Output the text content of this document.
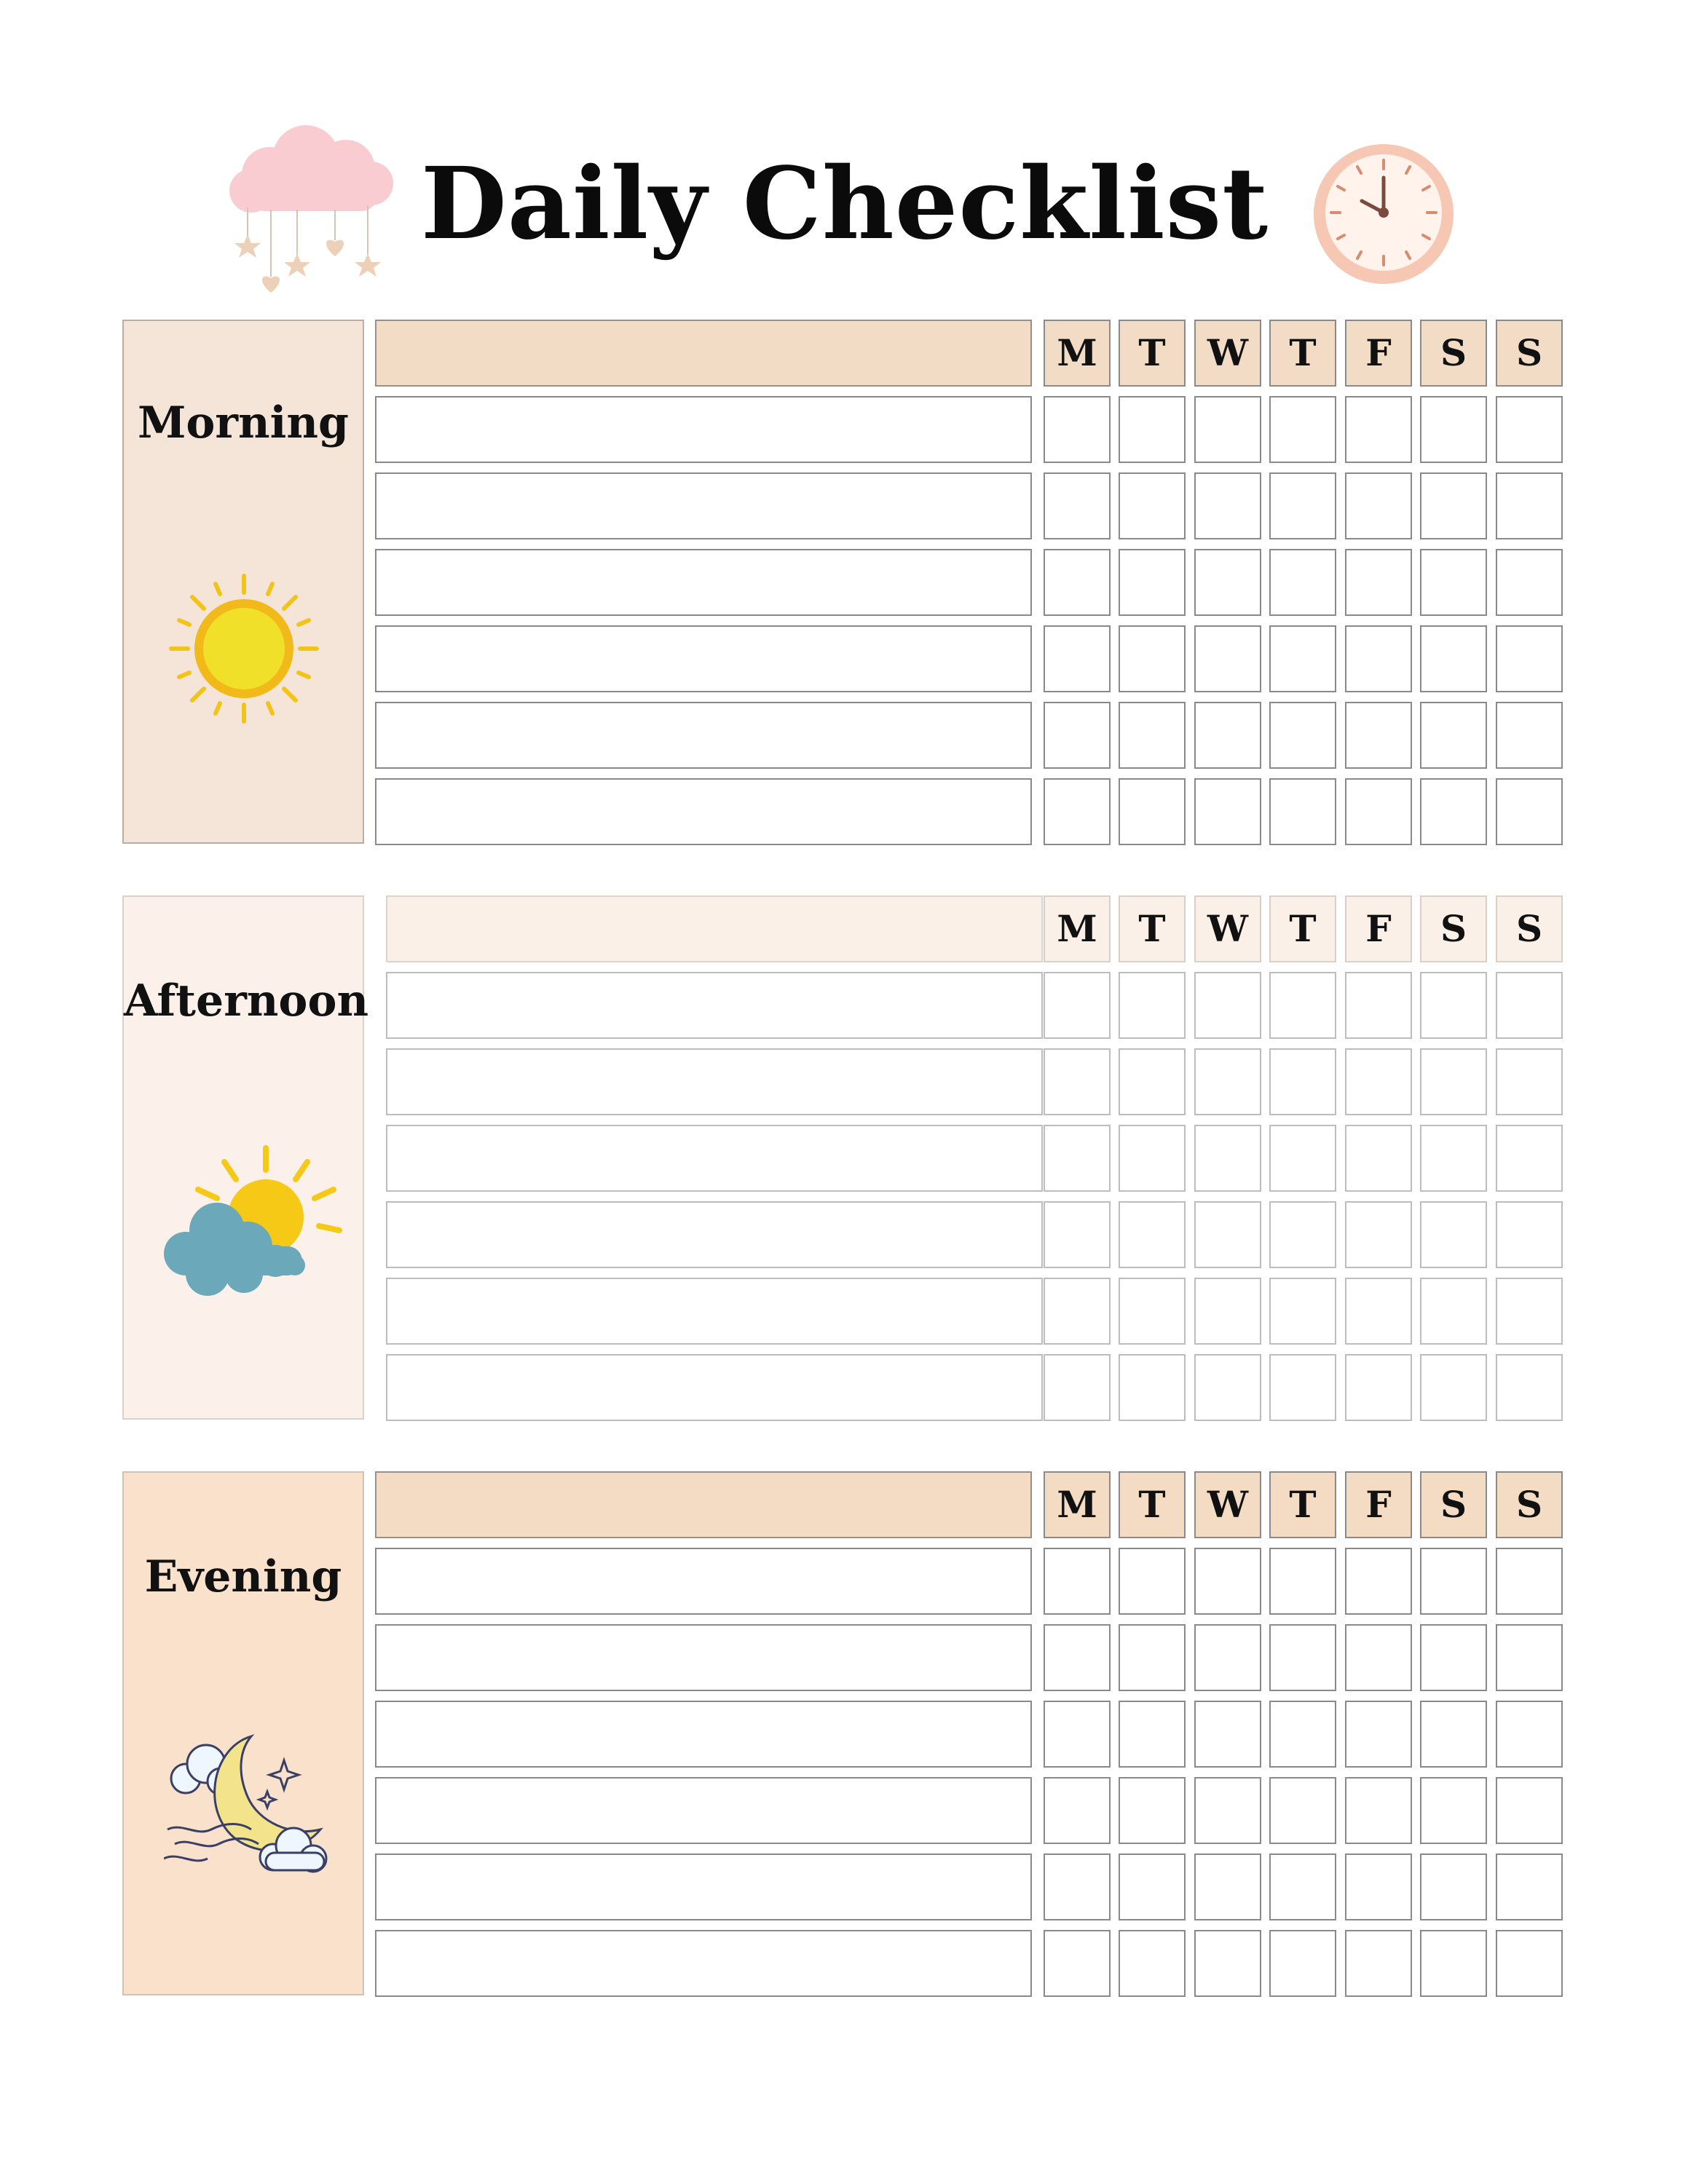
Daily Checklist
Morning
M	T	W	T	F	S	S
Afternoon
M	T	W	T	F	S	S
Evening
M	T	W	T	F	S	S
